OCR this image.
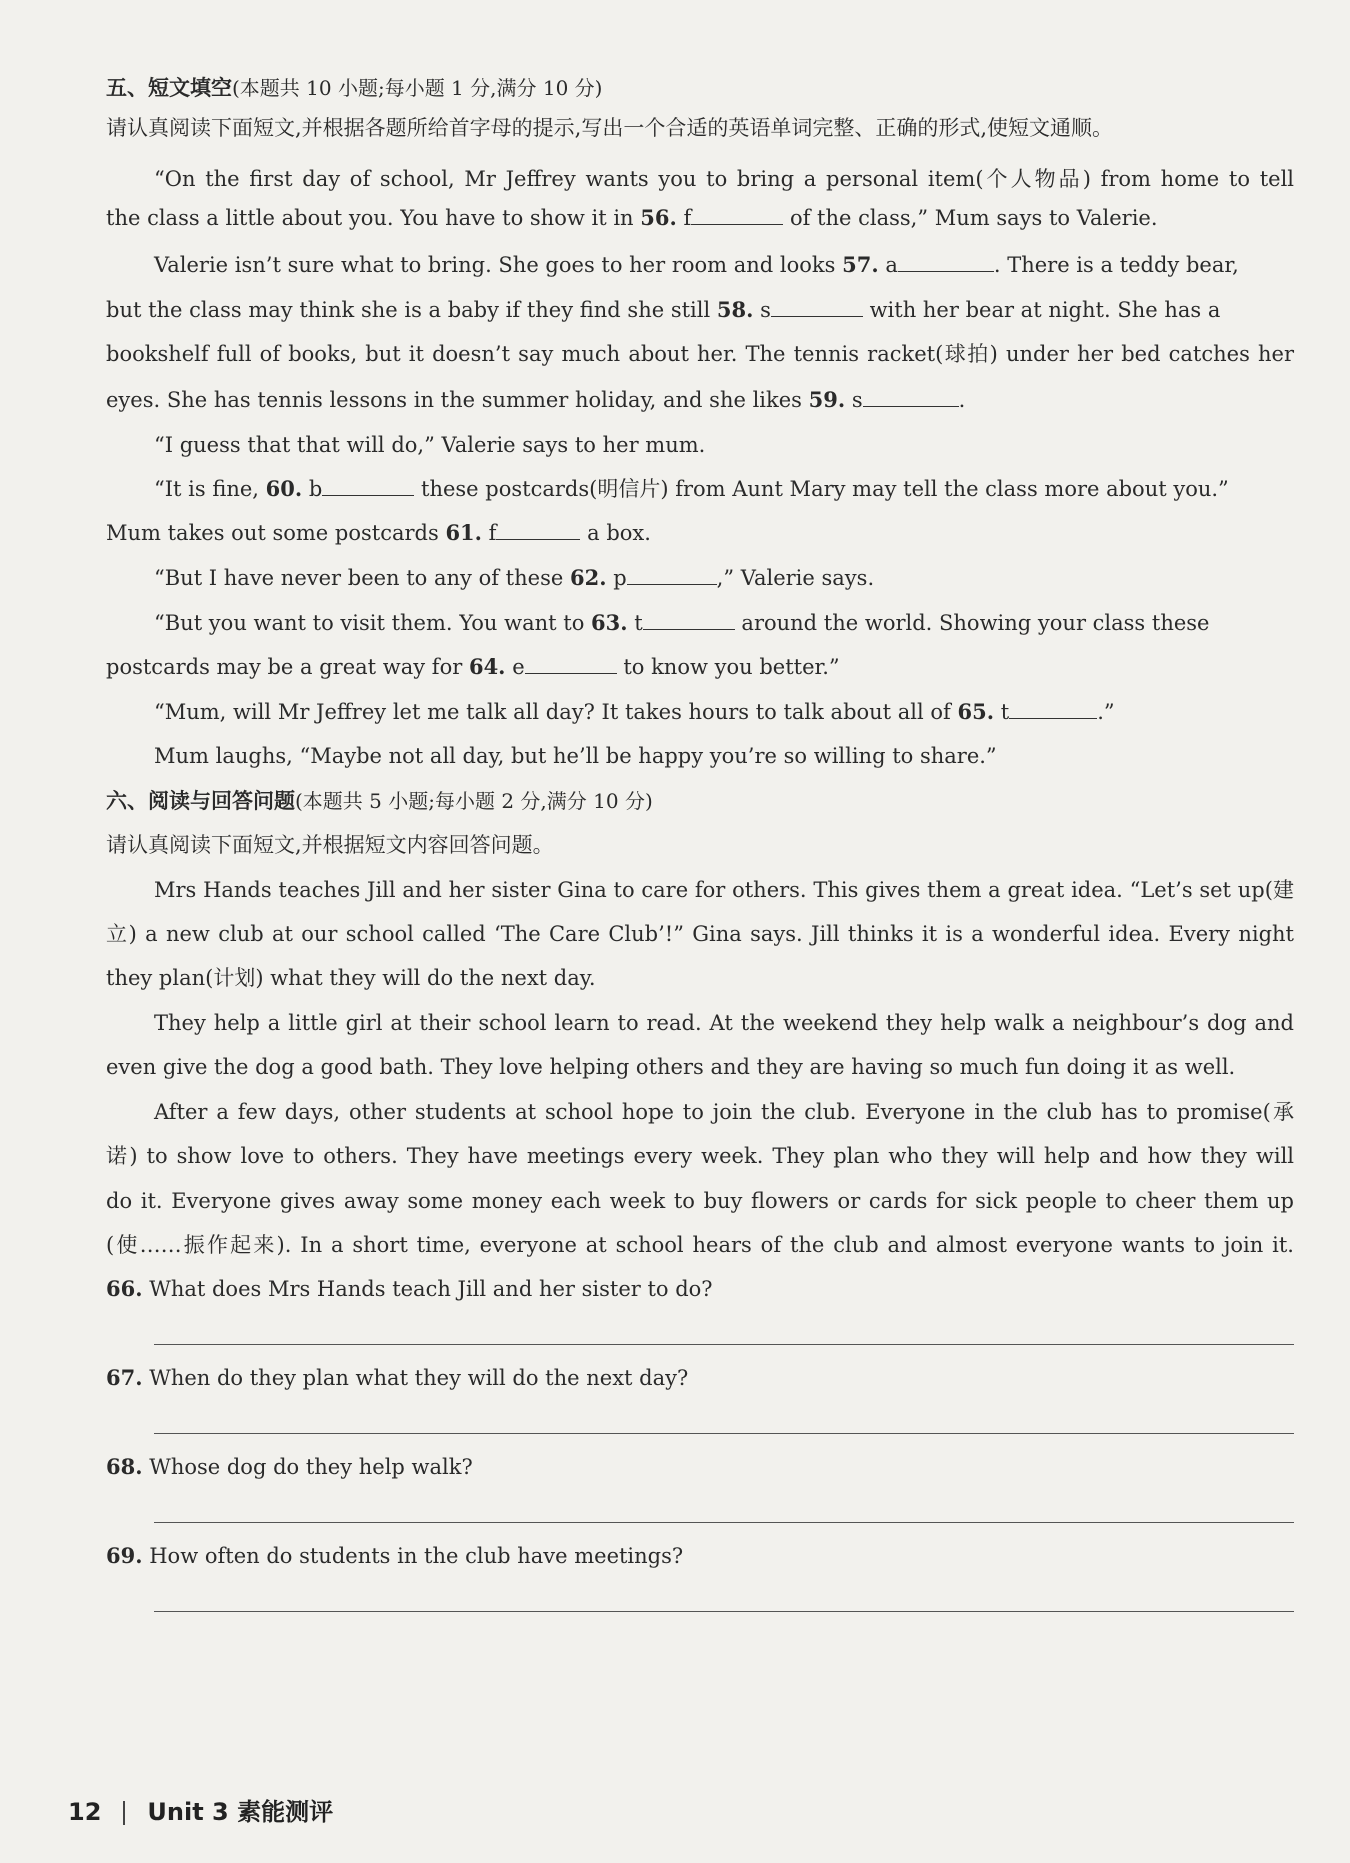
五、短文填空(本题共 10 小题;每小题 1 分,满分 10 分)
请认真阅读下面短文,并根据各题所给首字母的提示,写出一个合适的英语单词完整、正确的形式,使短文通顺。
“On the first day of school, Mr Jeffrey wants you to bring a personal item(个人物品) from home to tell
the class a little about you. You have to show it in 56. f	of the class,” Mum says to Valerie.
Valerie isn’t sure what to bring. She goes to her room and looks 57. a	. There is a teddy bear,
but the class may think she is a baby if they find she still 58. s	with her bear at night. She has a
bookshelf full of books, but it doesn’t say much about her. The tennis racket(球拍) under her bed catches her
eyes. She has tennis lessons in the summer holiday, and she likes 59. s	.
“I guess that that will do,” Valerie says to her mum.
“It is fine, 60. b	these postcards(明信片) from Aunt Mary may tell the class more about you.”
Mum takes out some postcards 61. f	a box.
“But I have never been to any of these 62. p	,” Valerie says.
“But you want to visit them. You want to 63. t	around the world. Showing your class these
postcards may be a great way for 64. e	to know you better.”
“Mum, will Mr Jeffrey let me talk all day? It takes hours to talk about all of 65. t	.”
Mum laughs, “Maybe not all day, but he’ll be happy you’re so willing to share.”
六、阅读与回答问题(本题共 5 小题;每小题 2 分,满分 10 分)
请认真阅读下面短文,并根据短文内容回答问题。
Mrs Hands teaches Jill and her sister Gina to care for others. This gives them a great idea. “Let’s set up(建
立) a new club at our school called ‘The Care Club’!” Gina says. Jill thinks it is a wonderful idea. Every night
they plan(计划) what they will do the next day.
They help a little girl at their school learn to read. At the weekend they help walk a neighbour’s dog and
even give the dog a good bath. They love helping others and they are having so much fun doing it as well.
After a few days, other students at school hope to join the club. Everyone in the club has to promise(承
诺) to show love to others. They have meetings every week. They plan who they will help and how they will
do it. Everyone gives away some money each week to buy flowers or cards for sick people to cheer them up
(使……振作起来). In a short time, everyone at school hears of the club and almost everyone wants to join it.
66. What does Mrs Hands teach Jill and her sister to do?
67. When do they plan what they will do the next day?
68. Whose dog do they help walk?
69. How often do students in the club have meetings?
12 Unit 3 素能测评
